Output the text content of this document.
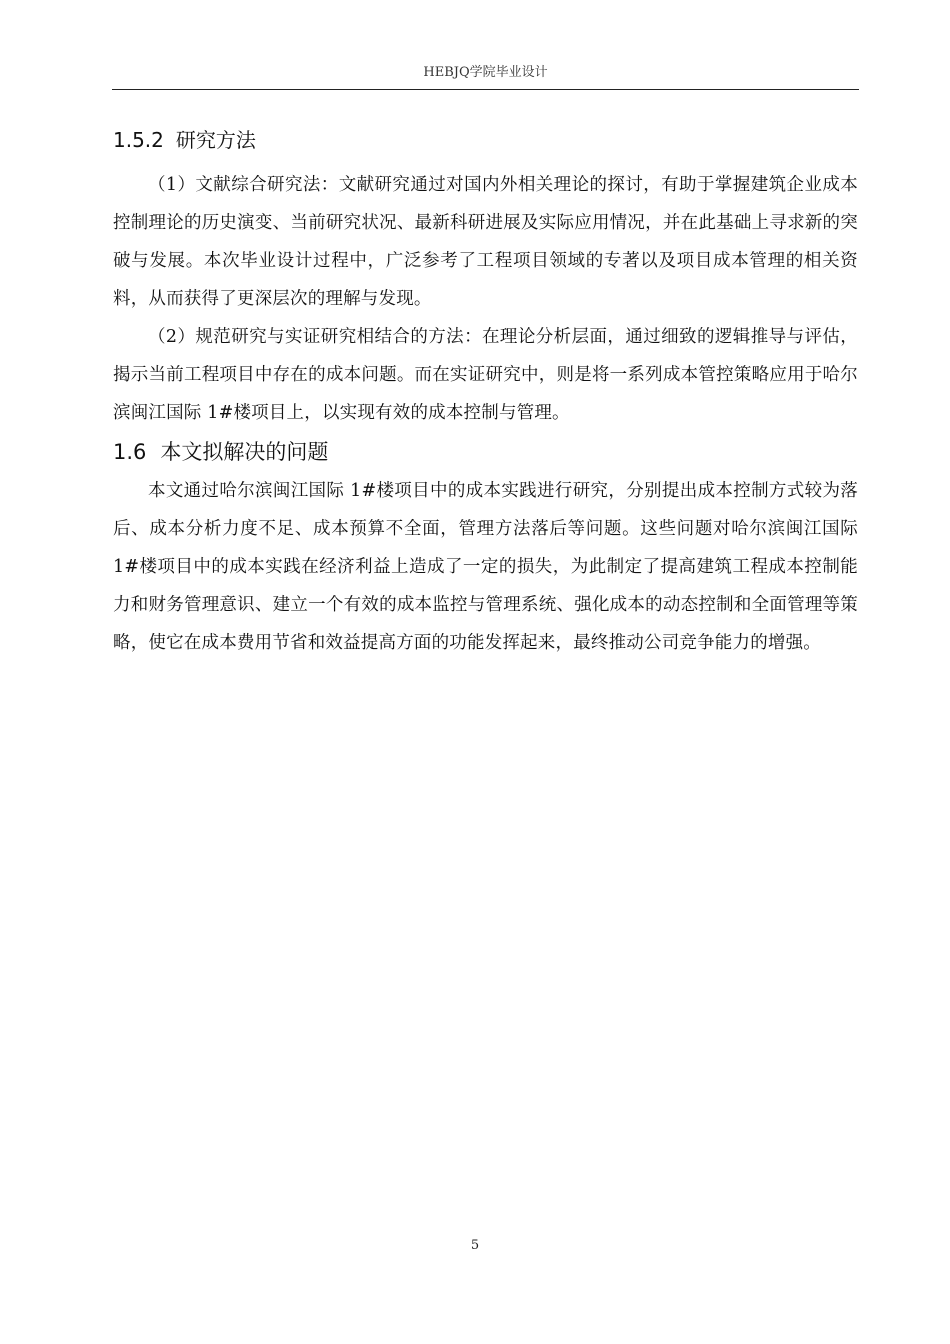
HEBJQ学院毕业设计
1.5.2 研究方法

（1）文献综合研究法：文献研究通过对国内外相关理论的探讨，有助于掌握建筑企业成本控制理论的历史演变、当前研究状况、最新科研进展及实际应用情况，并在此基础上寻求新的突破与发展。本次毕业设计过程中，广泛参考了工程项目领域的专著以及项目成本管理的相关资料，从而获得了更深层次的理解与发现。

（2）规范研究与实证研究相结合的方法：在理论分析层面，通过细致的逻辑推导与评估，揭示当前工程项目中存在的成本问题。而在实证研究中，则是将一系列成本管控策略应用于哈尔滨闽江国际 1#楼项目上，以实现有效的成本控制与管理。

1.6 本文拟解决的问题

本文通过哈尔滨闽江国际 1#楼项目中的成本实践进行研究，分别提出成本控制方式较为落后、成本分析力度不足、成本预算不全面，管理方法落后等问题。这些问题对哈尔滨闽江国际 1#楼项目中的成本实践在经济利益上造成了一定的损失，为此制定了提高建筑工程成本控制能力和财务管理意识、建立一个有效的成本监控与管理系统、强化成本的动态控制和全面管理等策略，使它在成本费用节省和效益提高方面的功能发挥起来，最终推动公司竞争能力的增强。

5
